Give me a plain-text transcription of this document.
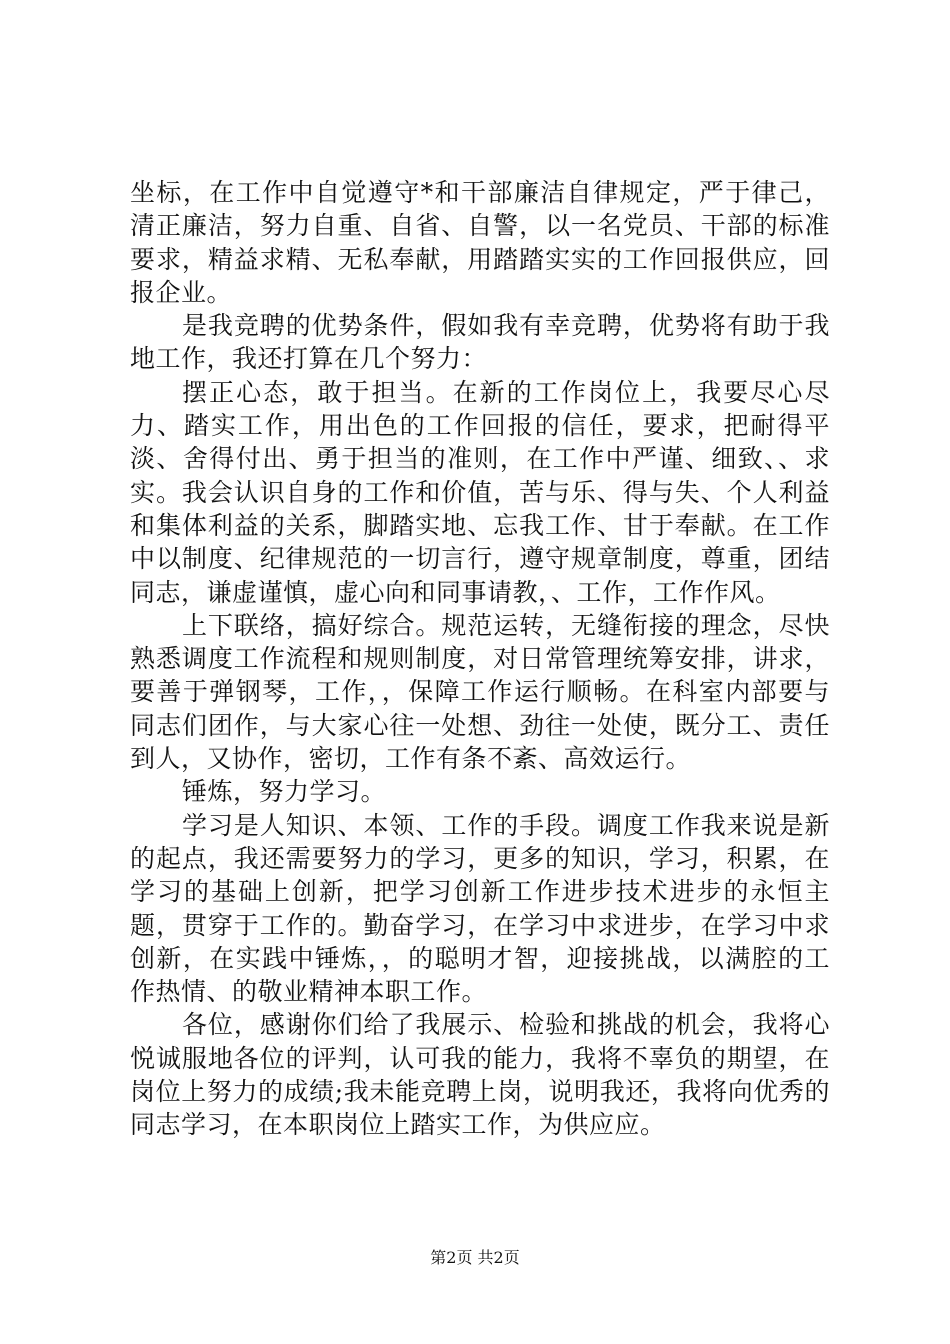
坐标，在工作中自觉遵守*和干部廉洁自律规定，严于律己，清正廉洁，努力自重、自省、自警，以一名党员、干部的标准要求，精益求精、无私奉献，用踏踏实实的工作回报供应，回报企业。

是我竞聘的优势条件，假如我有幸竞聘，优势将有助于我地工作，我还打算在几个努力：

摆正心态，敢于担当。在新的工作岗位上，我要尽心尽力、踏实工作，用出色的工作回报的信任，要求，把耐得平淡、舍得付出、勇于担当的准则，在工作中严谨、细致、、求实。我会认识自身的工作和价值，苦与乐、得与失、个人利益和集体利益的关系，脚踏实地、忘我工作、甘于奉献。在工作中以制度、纪律规范的一切言行，遵守规章制度，尊重，团结同志，谦虚谨慎，虚心向和同事请教，、工作，工作作风。

上下联络，搞好综合。规范运转，无缝衔接的理念，尽快熟悉调度工作流程和规则制度，对日常管理统筹安排，讲求，要善于弹钢琴，工作，，保障工作运行顺畅。在科室内部要与同志们团作，与大家心往一处想、劲往一处使，既分工、责任到人，又协作，密切，工作有条不紊、高效运行。

锤炼，努力学习。

学习是人知识、本领、工作的手段。调度工作我来说是新的起点，我还需要努力的学习，更多的知识，学习，积累，在学习的基础上创新，把学习创新工作进步技术进步的永恒主题，贯穿于工作的。勤奋学习，在学习中求进步，在学习中求创新，在实践中锤炼，，的聪明才智，迎接挑战，以满腔的工作热情、的敬业精神本职工作。

各位，感谢你们给了我展示、检验和挑战的机会，我将心悦诚服地各位的评判，认可我的能力，我将不辜负的期望，在岗位上努力的成绩;我未能竞聘上岗，说明我还，我将向优秀的同志学习，在本职岗位上踏实工作，为供应应。

第2页 共2页
